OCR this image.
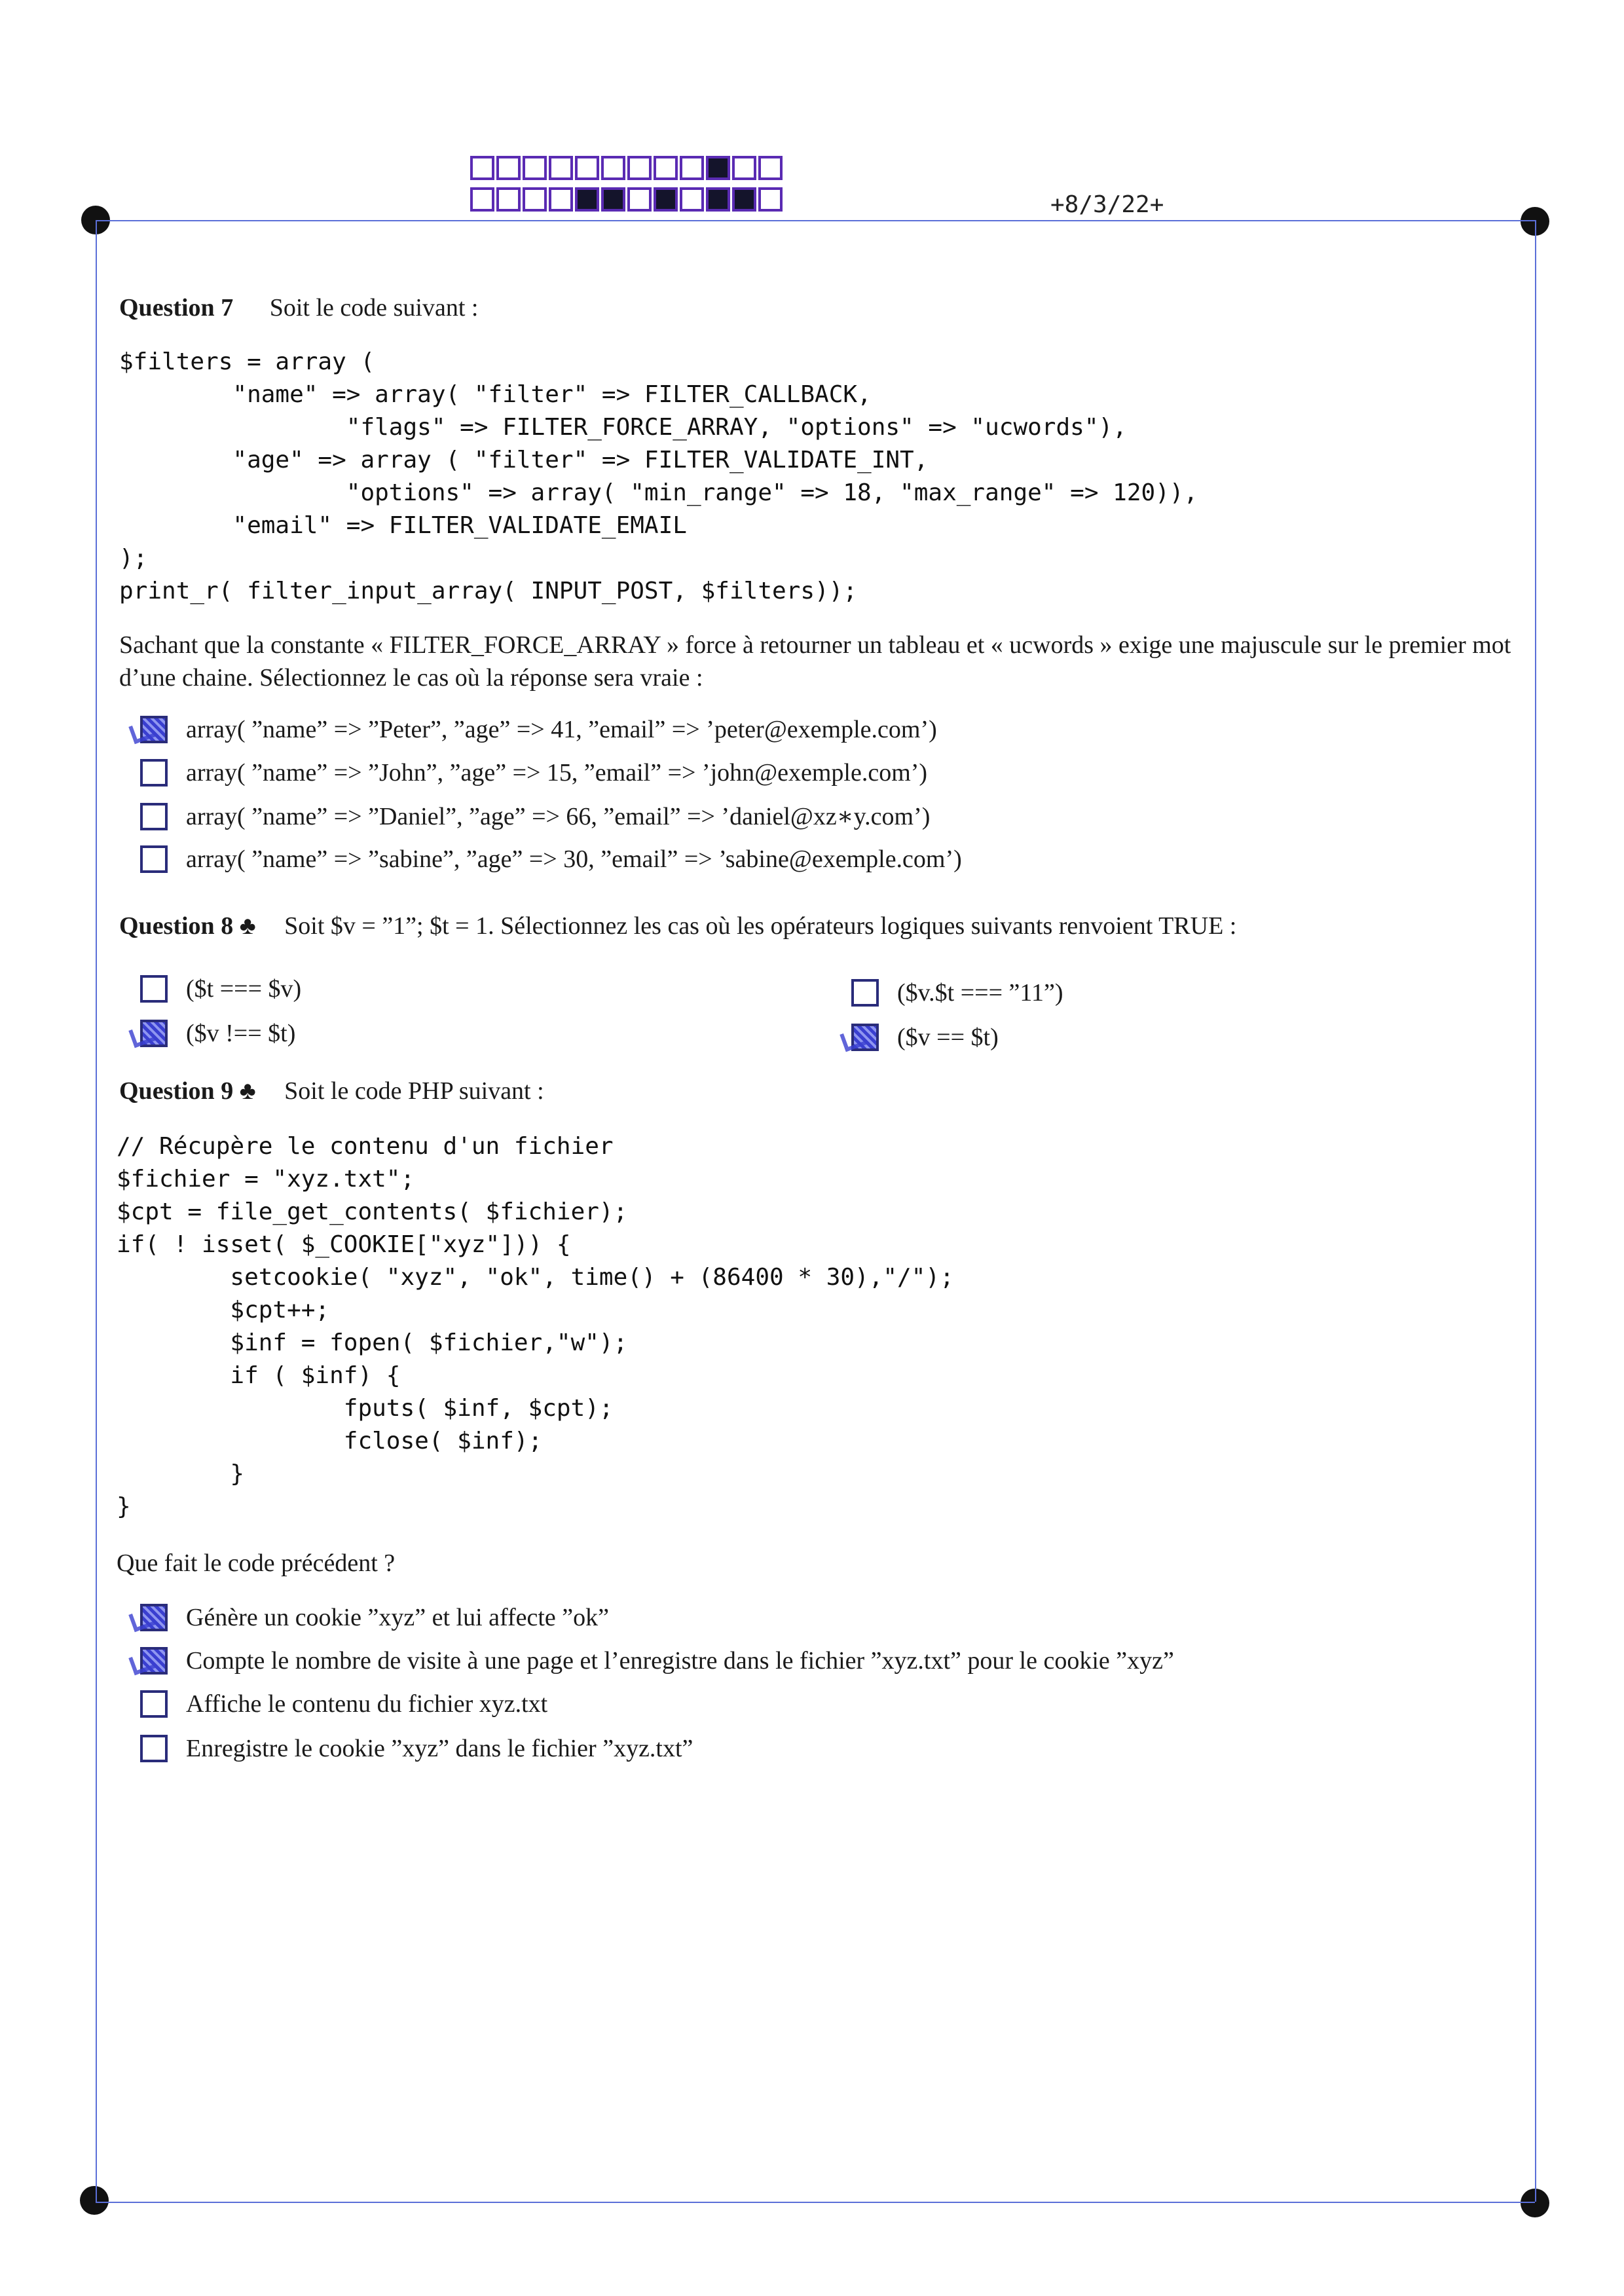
+8/3/22+
Question 7 Soit le code suivant :
$filters = array (
"name" => array( "filter" => FILTER_CALLBACK,
"flags" => FILTER_FORCE_ARRAY, "options" => "ucwords"),
"age" => array ( "filter" => FILTER_VALIDATE_INT,
"options" => array( "min_range" => 18, "max_range" => 120)),
"email" => FILTER_VALIDATE_EMAIL
);
print_r( filter_input_array( INPUT_POST, $filters));
Sachant que la constante « FILTER_FORCE_ARRAY » force à retourner un tableau et « ucwords » exige une majuscule sur le premier mot d’une chaine. Sélectionnez le cas où la réponse sera vraie :
array( ”name” => ”Peter”, ”age” => 41, ”email” => ’peter@exemple.com’)
array( ”name” => ”John”, ”age” => 15, ”email” => ’john@exemple.com’)
array( ”name” => ”Daniel”, ”age” => 66, ”email” => ’daniel@xz∗y.com’)
array( ”name” => ”sabine”, ”age” => 30, ”email” => ’sabine@exemple.com’)
Question 8 ♣ Soit $v = ”1”; $t = 1. Sélectionnez les cas où les opérateurs logiques suivants renvoient TRUE :
($t === $v)	($v.$t === ”11”)
($v !== $t)	($v == $t)
Question 9 ♣ Soit le code PHP suivant :
// Récupère le contenu d'un fichier
$fichier = "xyz.txt";
$cpt = file_get_contents( $fichier);
if( ! isset( $_COOKIE["xyz"])) {
setcookie( "xyz", "ok", time() + (86400 * 30),"/");
$cpt++;
$inf = fopen( $fichier,"w");
if ( $inf) {
fputs( $inf, $cpt);
fclose( $inf);
}
}
Que fait le code précédent ?
Génère un cookie ”xyz” et lui affecte ”ok”
Compte le nombre de visite à une page et l’enregistre dans le fichier ”xyz.txt” pour le cookie ”xyz”
Affiche le contenu du fichier xyz.txt
Enregistre le cookie ”xyz” dans le fichier ”xyz.txt”
